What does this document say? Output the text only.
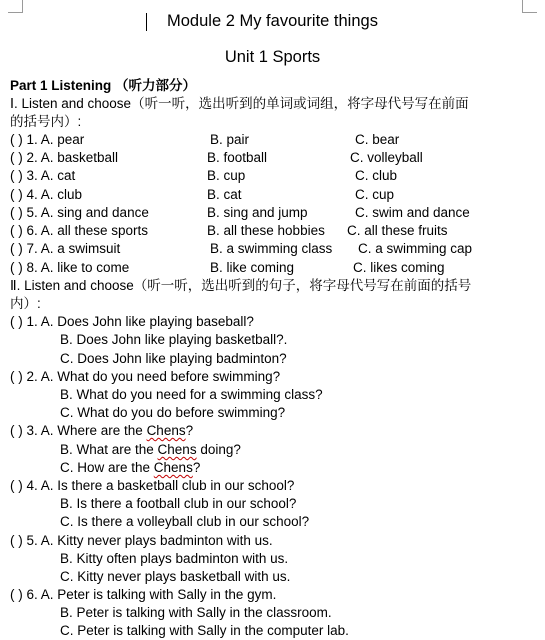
Module 2 My favourite things
Unit 1 Sports
Part 1 Listening （听力部分）
Ⅰ. Listen and choose（听一听，选出听到的单词或词组，将字母代号写在前面
的括号内）:
( ) 1. A. pear	B. pair	C. bear
( ) 2. A. basketball	B. football	C. volleyball
( ) 3. A. cat	B. cup	C. club
( ) 4. A. club	B. cat	C. cup
( ) 5. A. sing and dance	B. sing and jump	C. swim and dance
( ) 6. A. all these sports	B. all these hobbies C. all these fruits
( ) 7. A. a swimsuit	B. a swimming class C. a swimming cap
( ) 8. A. like to come	B. like coming	C. likes coming
Ⅱ. Listen and choose（听一听，选出听到的句子，将字母代号写在前面的括号
内）:
( ) 1. A. Does John like playing baseball?
B. Does John like playing basketball?.
C. Does John like playing badminton?
( ) 2. A. What do you need before swimming?
B. What do you need for a swimming class?
C. What do you do before swimming?
( ) 3. A. Where are the Chens?
B. What are the Chens doing?
C. How are the Chens?
( ) 4. A. Is there a basketball club in our school?
B. Is there a football club in our school?
C. Is there a volleyball club in our school?
( ) 5. A. Kitty never plays badminton with us.
B. Kitty often plays badminton with us.
C. Kitty never plays basketball with us.
( ) 6. A. Peter is talking with Sally in the gym.
B. Peter is talking with Sally in the classroom.
C. Peter is talking with Sally in the computer lab.
